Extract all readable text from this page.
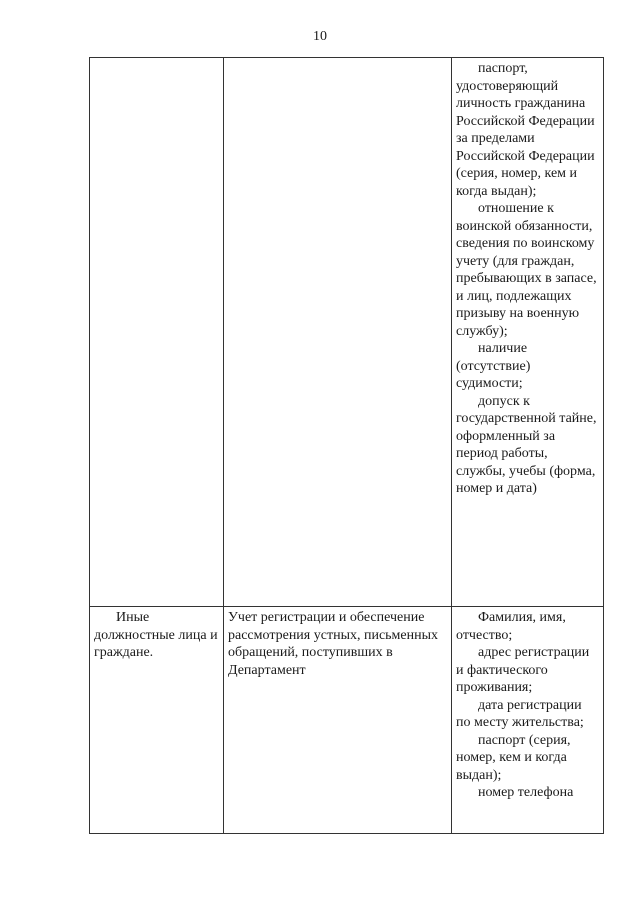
10

		паспорт, удостоверяющий личность гражданина Российской Федерации за пределами Российской Федерации (серия, номер, кем и когда выдан);
отношение к воинской обязанности, сведения по воинскому учету (для граждан, пребывающих в запасе, и лиц, подлежащих призыву на военную службу);
наличие (отсутствие) судимости;
допуск к государственной тайне, оформленный за период работы, службы, учебы (форма, номер и дата)

Иные должностные лица и граждане.	Учет регистрации и обеспечение рассмотрения устных, письменных обращений, поступивших в Департамент	Фамилия, имя, отчество;
адрес регистрации и фактического проживания;
дата регистрации по месту жительства;
паспорт (серия, номер, кем и когда выдан);
номер телефона
